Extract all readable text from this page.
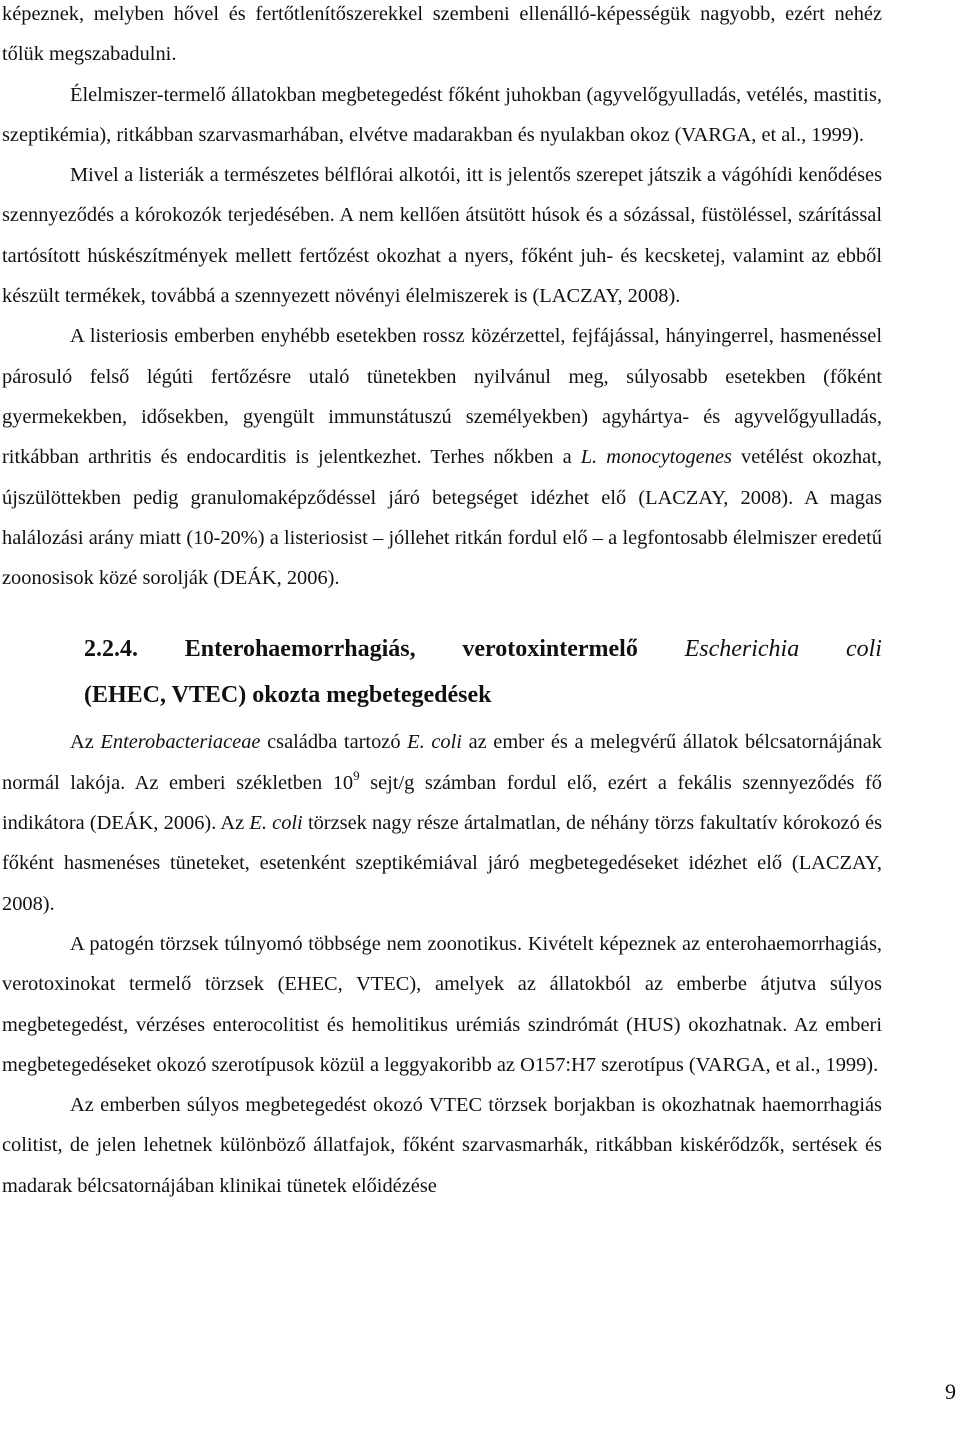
képeznek, melyben hővel és fertőtlenítőszerekkel szembeni ellenálló-képességük nagyobb, ezért nehéz tőlük megszabadulni.

Élelmiszer-termelő állatokban megbetegedést főként juhokban (agyvelőgyulladás, vetélés, mastitis, szeptikémia), ritkábban szarvasmarhában, elvétve madarakban és nyulakban okoz (VARGA, et al., 1999).

Mivel a listeriák a természetes bélflórai alkotói, itt is jelentős szerepet játszik a vágóhídi kenődéses szennyeződés a kórokozók terjedésében. A nem kellően átsütött húsok és a sózással, füstöléssel, szárítással tartósított húskészítmények mellett fertőzést okozhat a nyers, főként juh- és kecsketej, valamint az ebből készült termékek, továbbá a szennyezett növényi élelmiszerek is (LACZAY, 2008).

A listeriosis emberben enyhébb esetekben rossz közérzettel, fejfájással, hányingerrel, hasmenéssel párosuló felső légúti fertőzésre utaló tünetekben nyilvánul meg, súlyosabb esetekben (főként gyermekekben, idősekben, gyengült immunstátuszú személyekben) agyhártya- és agyvelőgyulladás, ritkábban arthritis és endocarditis is jelentkezhet. Terhes nőkben a L. monocytogenes vetélést okozhat, újszülöttekben pedig granulomaképződéssel járó betegséget idézhet elő (LACZAY, 2008). A magas halálozási arány miatt (10-20%) a listeriosist – jóllehet ritkán fordul elő – a legfontosabb élelmiszer eredetű zoonosisok közé sorolják (DEÁK, 2006).

2.2.4. Enterohaemorrhagiás, verotoxintermelő Escherichia coli
(EHEC, VTEC) okozta megbetegedések

Az Enterobacteriaceae családba tartozó E. coli az ember és a melegvérű állatok bélcsatornájának normál lakója. Az emberi székletben $10^9$ sejt/g számban fordul elő, ezért a fekális szennyeződés fő indikátora (DEÁK, 2006). Az E. coli törzsek nagy része ártalmatlan, de néhány törzs fakultatív kórokozó és főként hasmenéses tüneteket, esetenként szeptikémiával járó megbetegedéseket idézhet elő (LACZAY, 2008).

A patogén törzsek túlnyomó többsége nem zoonotikus. Kivételt képeznek az enterohaemorrhagiás, verotoxinokat termelő törzsek (EHEC, VTEC), amelyek az állatokból az emberbe átjutva súlyos megbetegedést, vérzéses enterocolitist és hemolitikus urémiás szindrómát (HUS) okozhatnak. Az emberi megbetegedéseket okozó szerotípusok közül a leggyakoribb az O157:H7 szerotípus (VARGA, et al., 1999).

Az emberben súlyos megbetegedést okozó VTEC törzsek borjakban is okozhatnak haemorrhagiás colitist, de jelen lehetnek különböző állatfajok, főként szarvasmarhák, ritkábban kiskérődzők, sertések és madarak bélcsatornájában klinikai tünetek előidézése

9
